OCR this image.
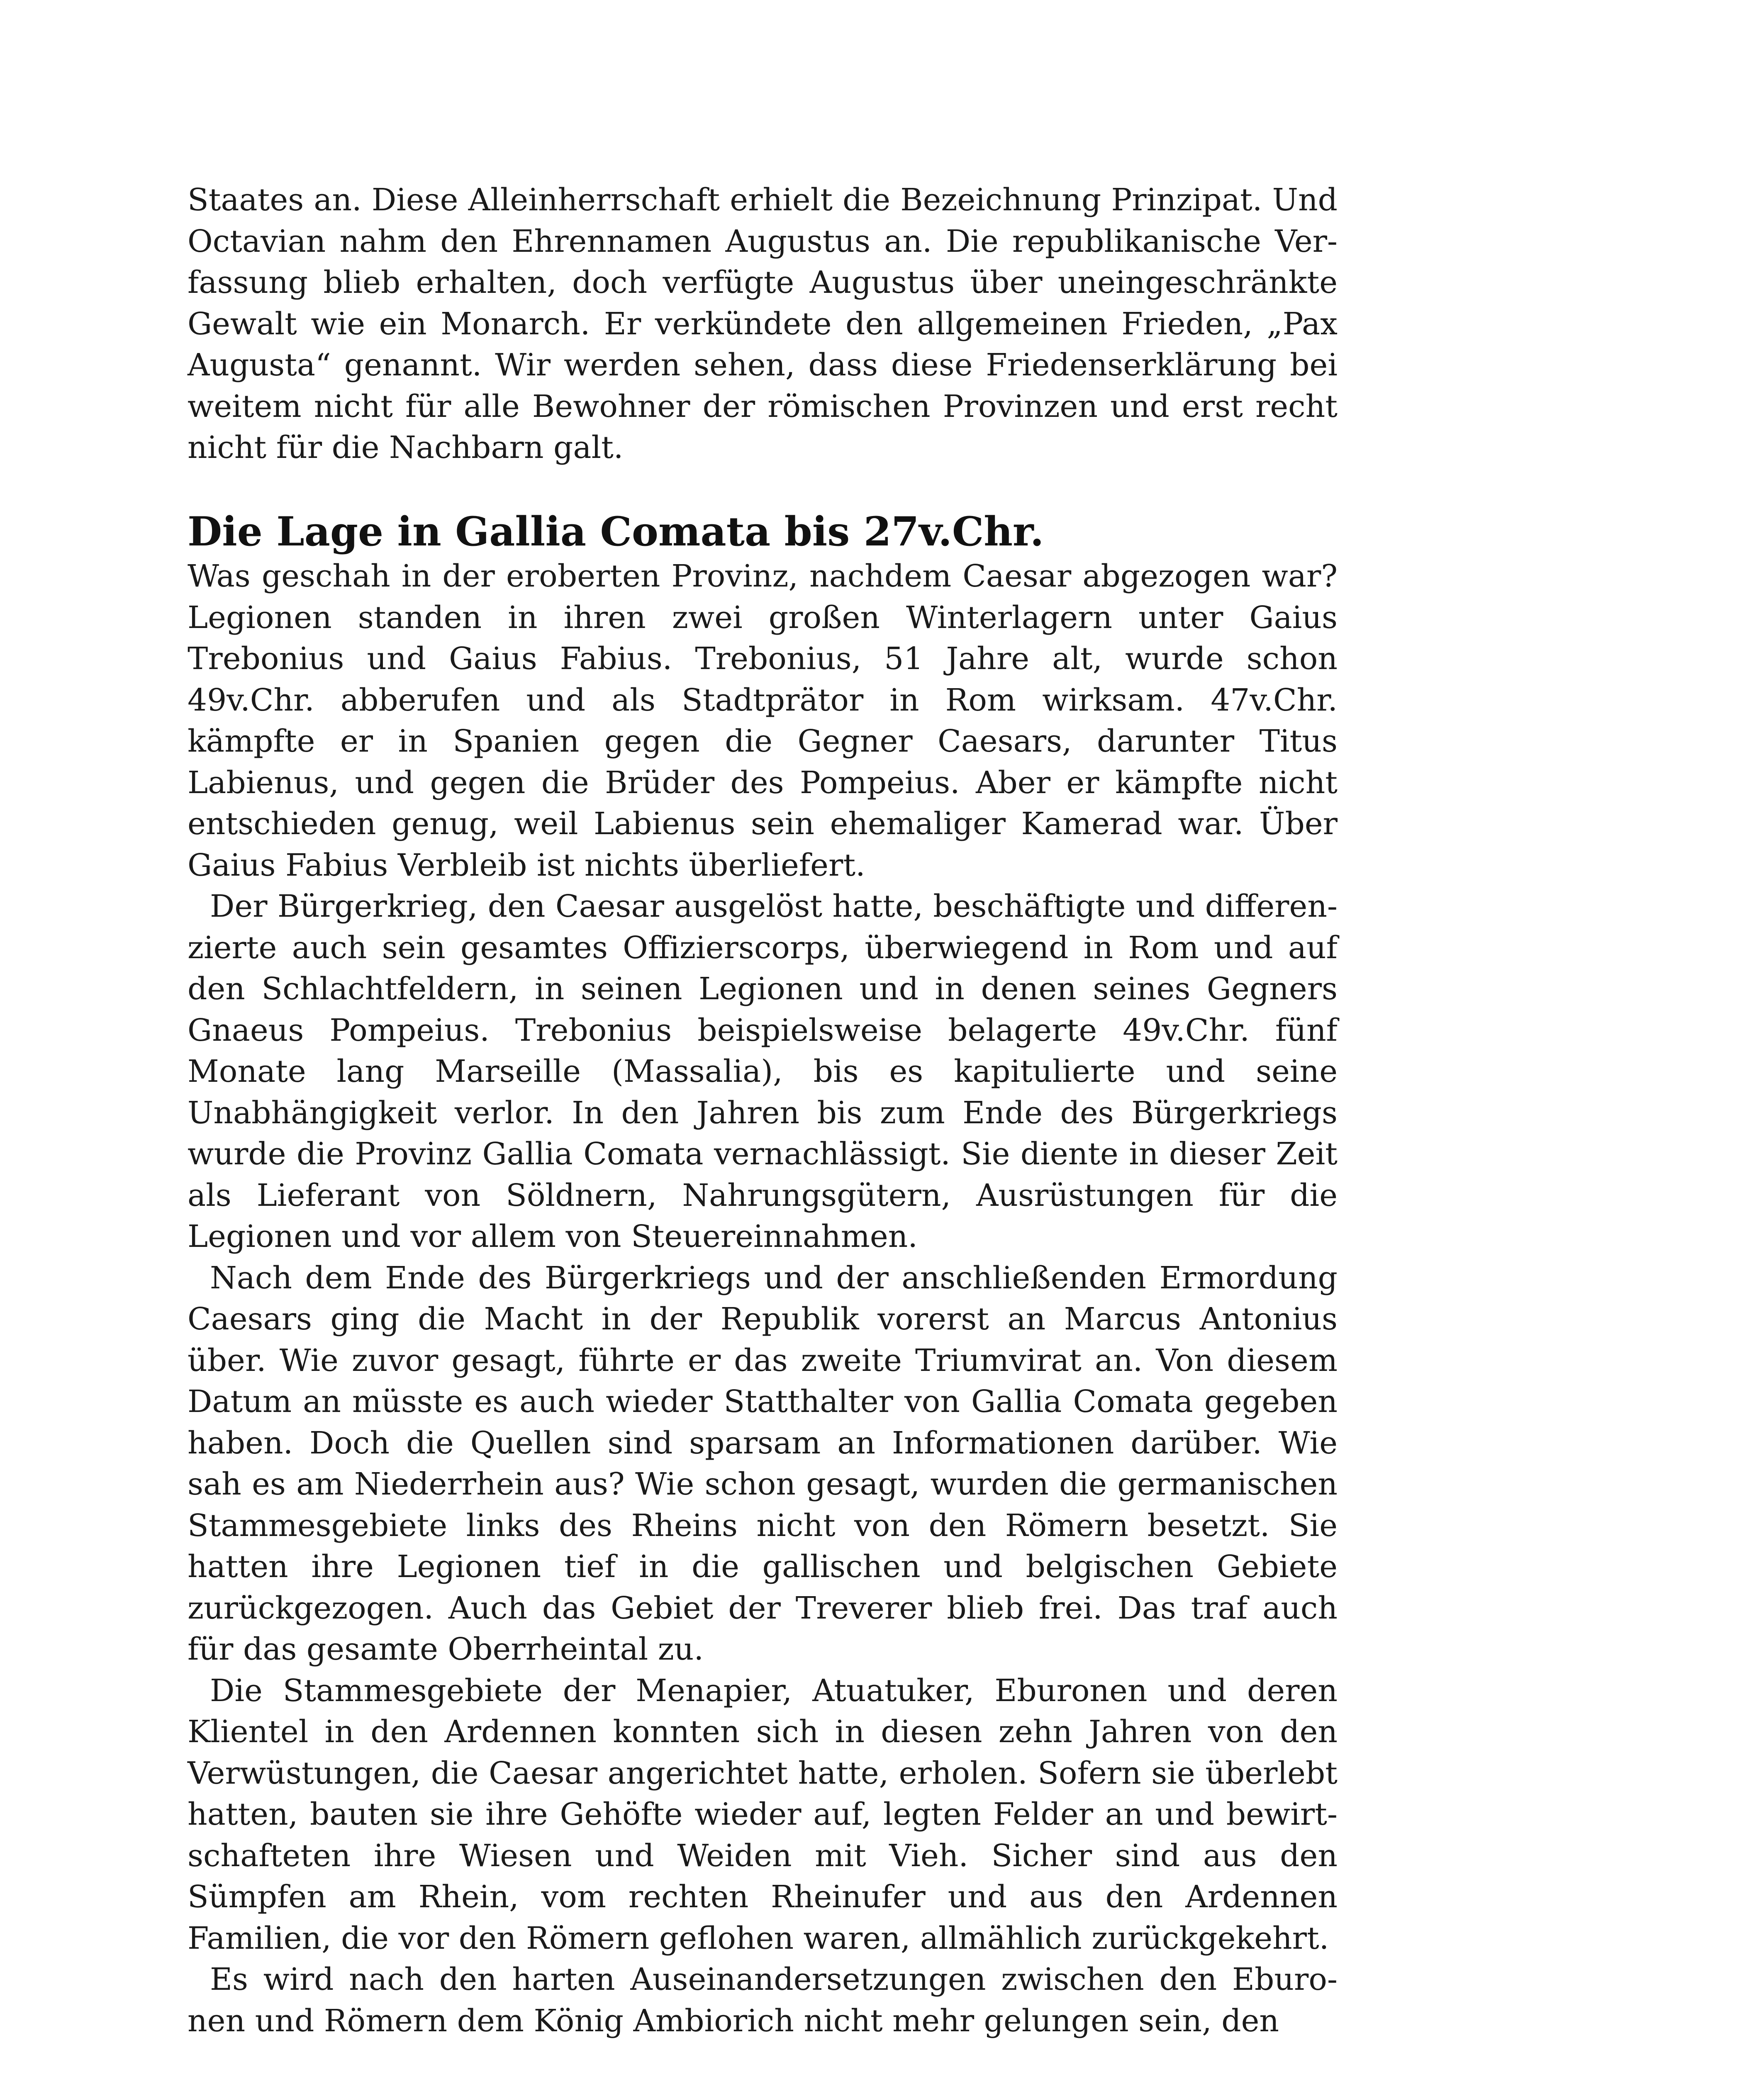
Staates an. Diese Alleinherrschaft erhielt die Bezeichnung Prinzipat. Und Octavian nahm den Ehrennamen Augustus an. Die republikanische Verfassung blieb erhalten, doch verfügte Augustus über uneingeschränkte Gewalt wie ein Monarch. Er verkündete den allgemeinen Frieden, „Pax Augusta“ genannt. Wir werden sehen, dass diese Friedenserklärung bei weitem nicht für alle Bewohner der römischen Provinzen und erst recht nicht für die Nachbarn galt.

Die Lage in Gallia Comata bis 27v.Chr.

Was geschah in der eroberten Provinz, nachdem Caesar abgezogen war? Legionen standen in ihren zwei großen Winterlagern unter Gaius Trebonius und Gaius Fabius. Trebonius, 51 Jahre alt, wurde schon 49v.Chr. abberufen und als Stadtprätor in Rom wirksam. 47v.Chr. kämpfte er in Spanien gegen die Gegner Caesars, darunter Titus Labienus, und gegen die Brüder des Pompeius. Aber er kämpfte nicht entschieden genug, weil Labienus sein ehemaliger Kamerad war. Über Gaius Fabius Verbleib ist nichts überliefert.

Der Bürgerkrieg, den Caesar ausgelöst hatte, beschäftigte und differenzierte auch sein gesamtes Offizierscorps, überwiegend in Rom und auf den Schlachtfeldern, in seinen Legionen und in denen seines Gegners Gnaeus Pompeius. Trebonius beispielsweise belagerte 49v.Chr. fünf Monate lang Marseille (Massalia), bis es kapitulierte und seine Unabhängigkeit verlor. In den Jahren bis zum Ende des Bürgerkriegs wurde die Provinz Gallia Comata vernachlässigt. Sie diente in dieser Zeit als Lieferant von Söldnern, Nahrungsgütern, Ausrüstungen für die Legionen und vor allem von Steuereinnahmen.

Nach dem Ende des Bürgerkriegs und der anschließenden Ermordung Caesars ging die Macht in der Republik vorerst an Marcus Antonius über. Wie zuvor gesagt, führte er das zweite Triumvirat an. Von diesem Datum an müsste es auch wieder Statthalter von Gallia Comata gegeben haben. Doch die Quellen sind sparsam an Informationen darüber. Wie sah es am Niederrhein aus? Wie schon gesagt, wurden die germanischen Stammesgebiete links des Rheins nicht von den Römern besetzt. Sie hatten ihre Legionen tief in die gallischen und belgischen Gebiete zurückgezogen. Auch das Gebiet der Treverer blieb frei. Das traf auch für das gesamte Oberrheintal zu.

Die Stammesgebiete der Menapier, Atuatuker, Eburonen und deren Klientel in den Ardennen konnten sich in diesen zehn Jahren von den Verwüstungen, die Caesar angerichtet hatte, erholen. Sofern sie überlebt hatten, bauten sie ihre Gehöfte wieder auf, legten Felder an und bewirtschafteten ihre Wiesen und Weiden mit Vieh. Sicher sind aus den Sümpfen am Rhein, vom rechten Rheinufer und aus den Ardennen Familien, die vor den Römern geflohen waren, allmählich zurückgekehrt.

Es wird nach den harten Auseinandersetzungen zwischen den Eburonen und Römern dem König Ambiorich nicht mehr gelungen sein, den
